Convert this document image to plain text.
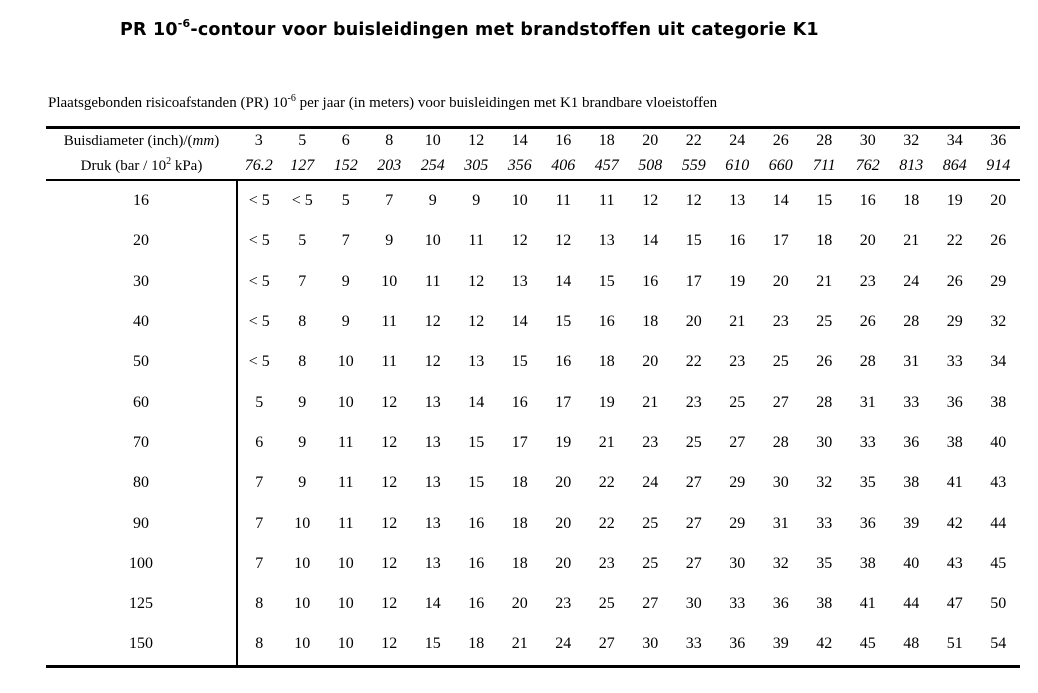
PR $10^{-6}$-contour voor buisleidingen met brandstoffen uit categorie K1
Plaatsgebonden risicoafstanden (PR) $10^{-6}$ per jaar (in meters) voor buisleidingen met K1 brandbare vloeistoffen
Buisdiameter (inch)/(mm)	3	5	6	8	10	12	14	16	18	20	22	24	26	28	30	32	34	36
Druk ($bar / 10^2$ kPa)	76.2	127	152	203	254	305	356	406	457	508	559	610	660	711	762	813	864	914
16	< 5	< 5	5	7	9	9	10	11	11	12	12	13	14	15	16	18	19	20
20	< 5	5	7	9	10	11	12	12	13	14	15	16	17	18	20	21	22	26
30	< 5	7	9	10	11	12	13	14	15	16	17	19	20	21	23	24	26	29
40	< 5	8	9	11	12	12	14	15	16	18	20	21	23	25	26	28	29	32
50	< 5	8	10	11	12	13	15	16	18	20	22	23	25	26	28	31	33	34
60	5	9	10	12	13	14	16	17	19	21	23	25	27	28	31	33	36	38
70	6	9	11	12	13	15	17	19	21	23	25	27	28	30	33	36	38	40
80	7	9	11	12	13	15	18	20	22	24	27	29	30	32	35	38	41	43
90	7	10	11	12	13	16	18	20	22	25	27	29	31	33	36	39	42	44
100	7	10	10	12	13	16	18	20	23	25	27	30	32	35	38	40	43	45
125	8	10	10	12	14	16	20	23	25	27	30	33	36	38	41	44	47	50
150	8	10	10	12	15	18	21	24	27	30	33	36	39	42	45	48	51	54
